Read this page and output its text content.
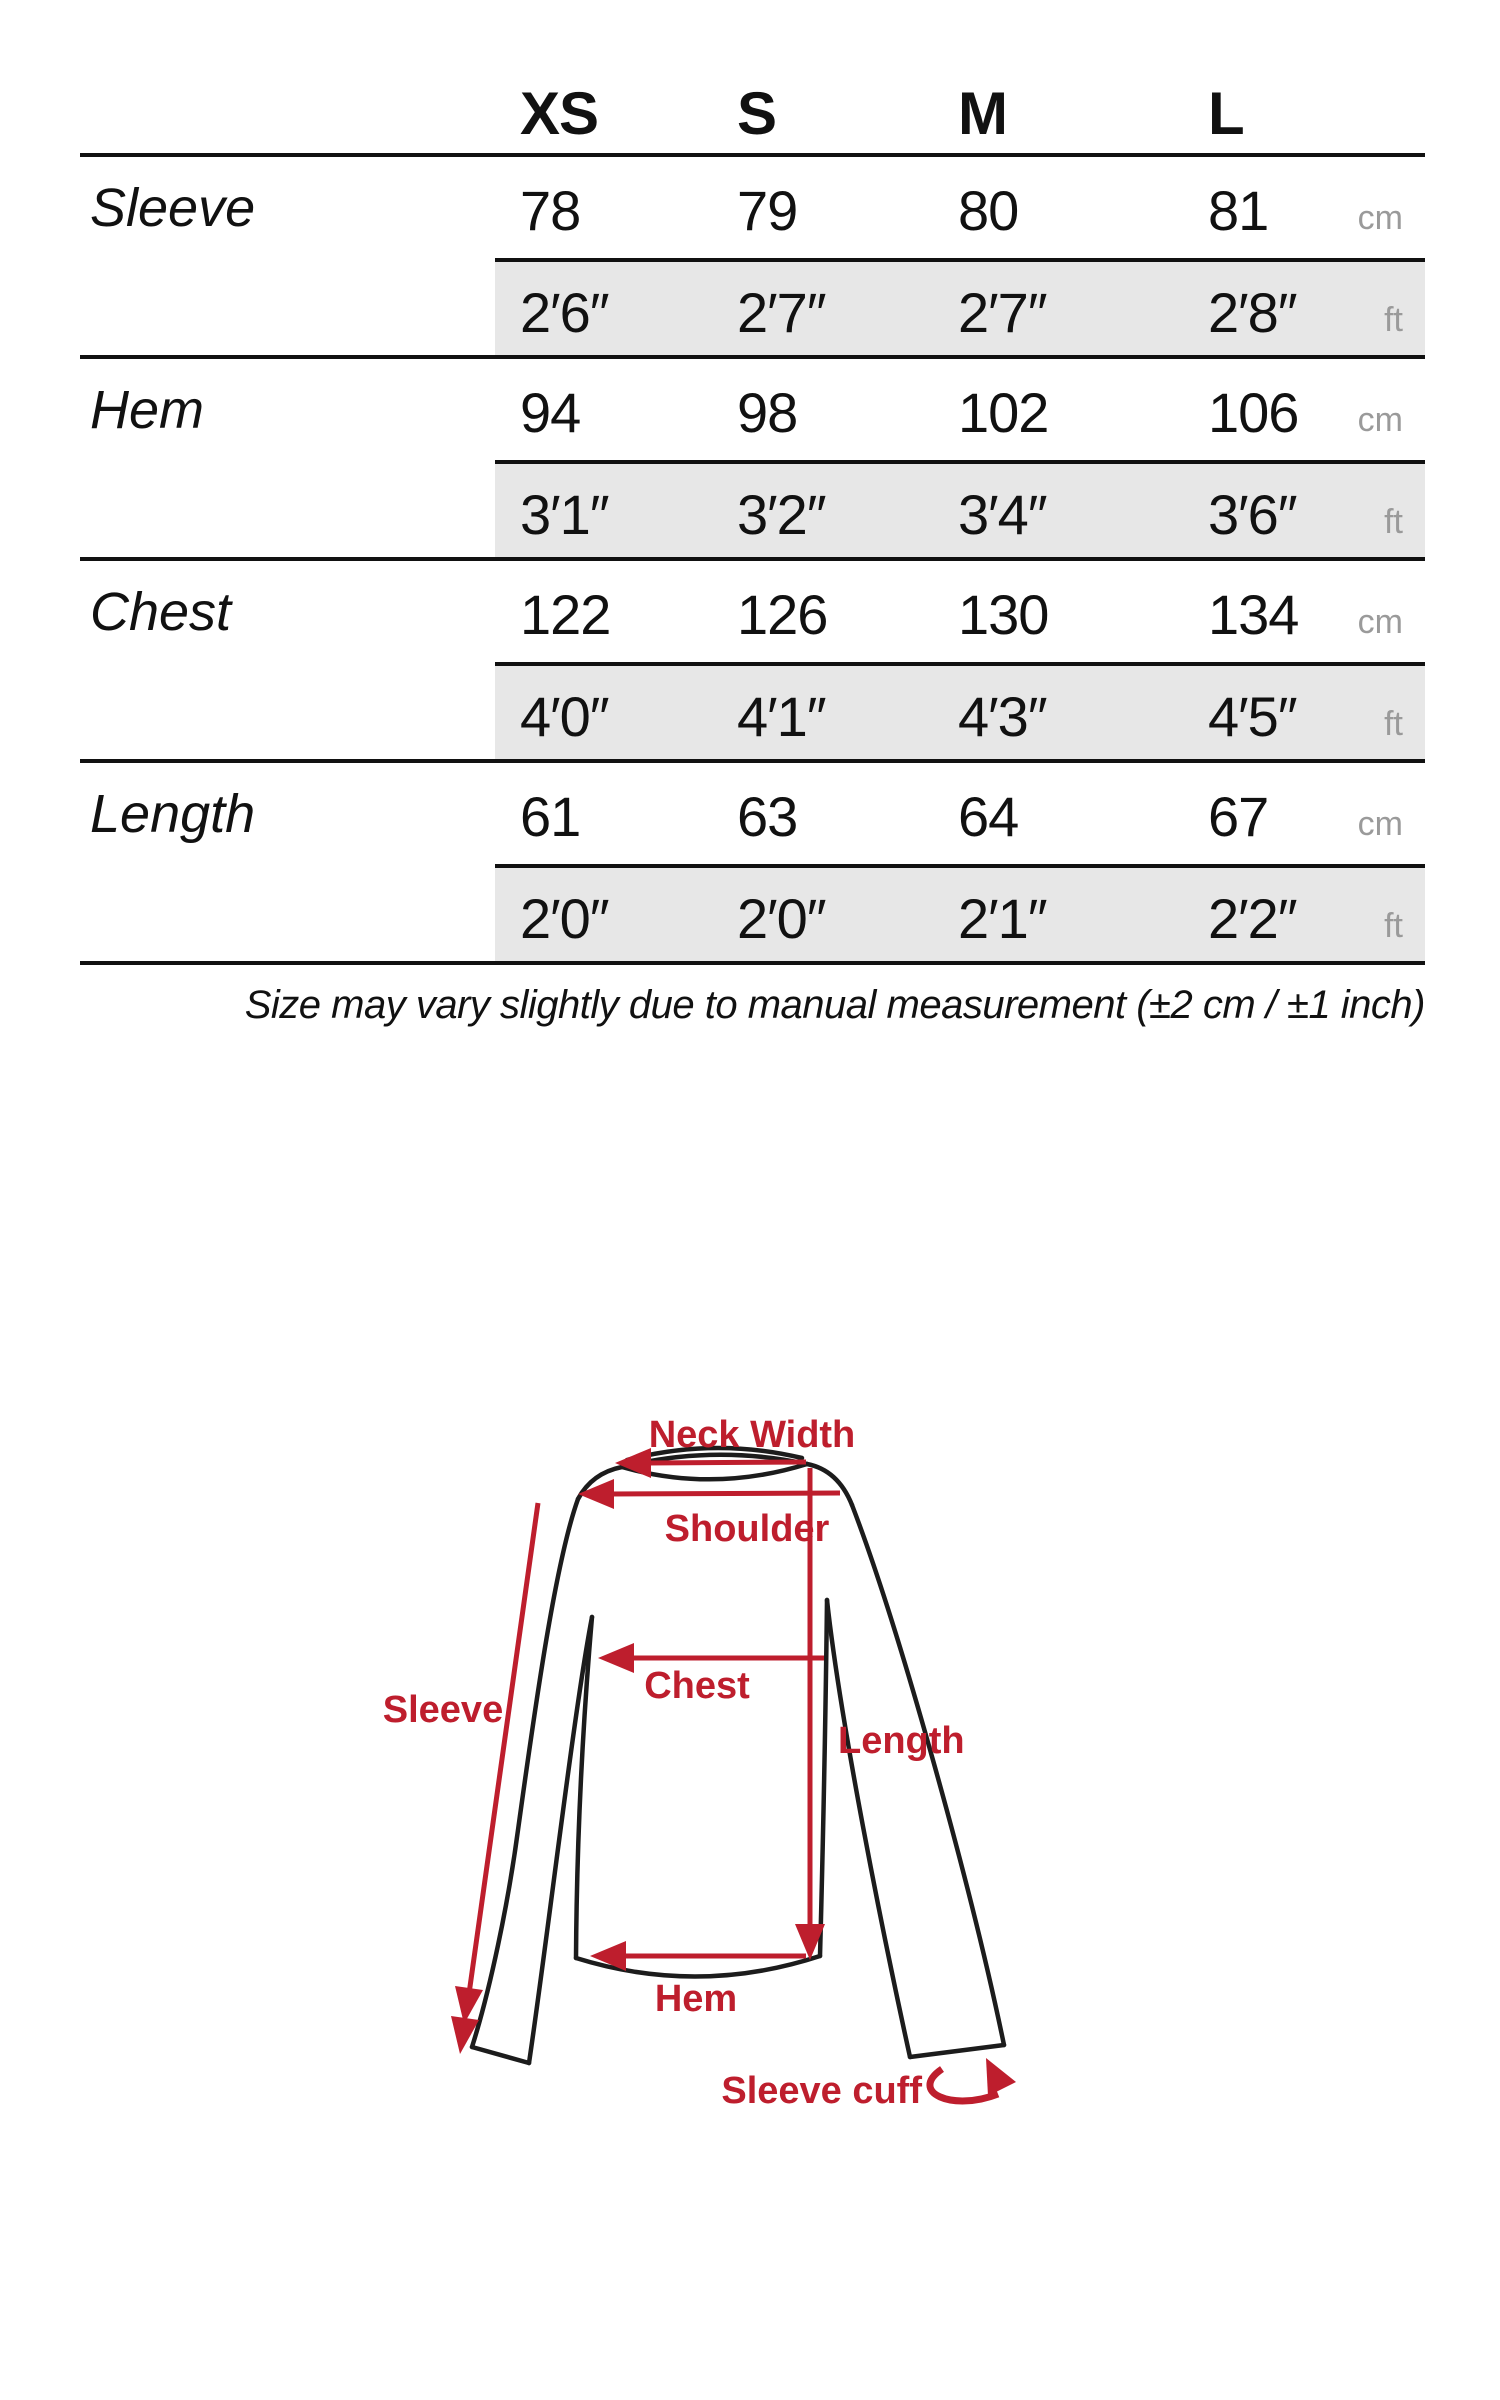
XS S	M	L
Sleeve	78	79	80	81	cm
2′6″ 2′7″ 2′7″	2′8″	ft
Hem	94	98	102	106 cm
3′1″ 3′2″ 3′4″	3′6″	ft
Chest	122 126 130	134 cm
4′0″ 4′1″ 4′3″	4′5″	ft
Length	61	63	64	67	cm
2′0″ 2′0″ 2′1″	2′2″	ft
Size may vary slightly due to manual measurement (±2 cm / ±1 inch)
Neck Width
Shoulder
Chest
Sleeve
Length
Hem
Sleeve cuff
